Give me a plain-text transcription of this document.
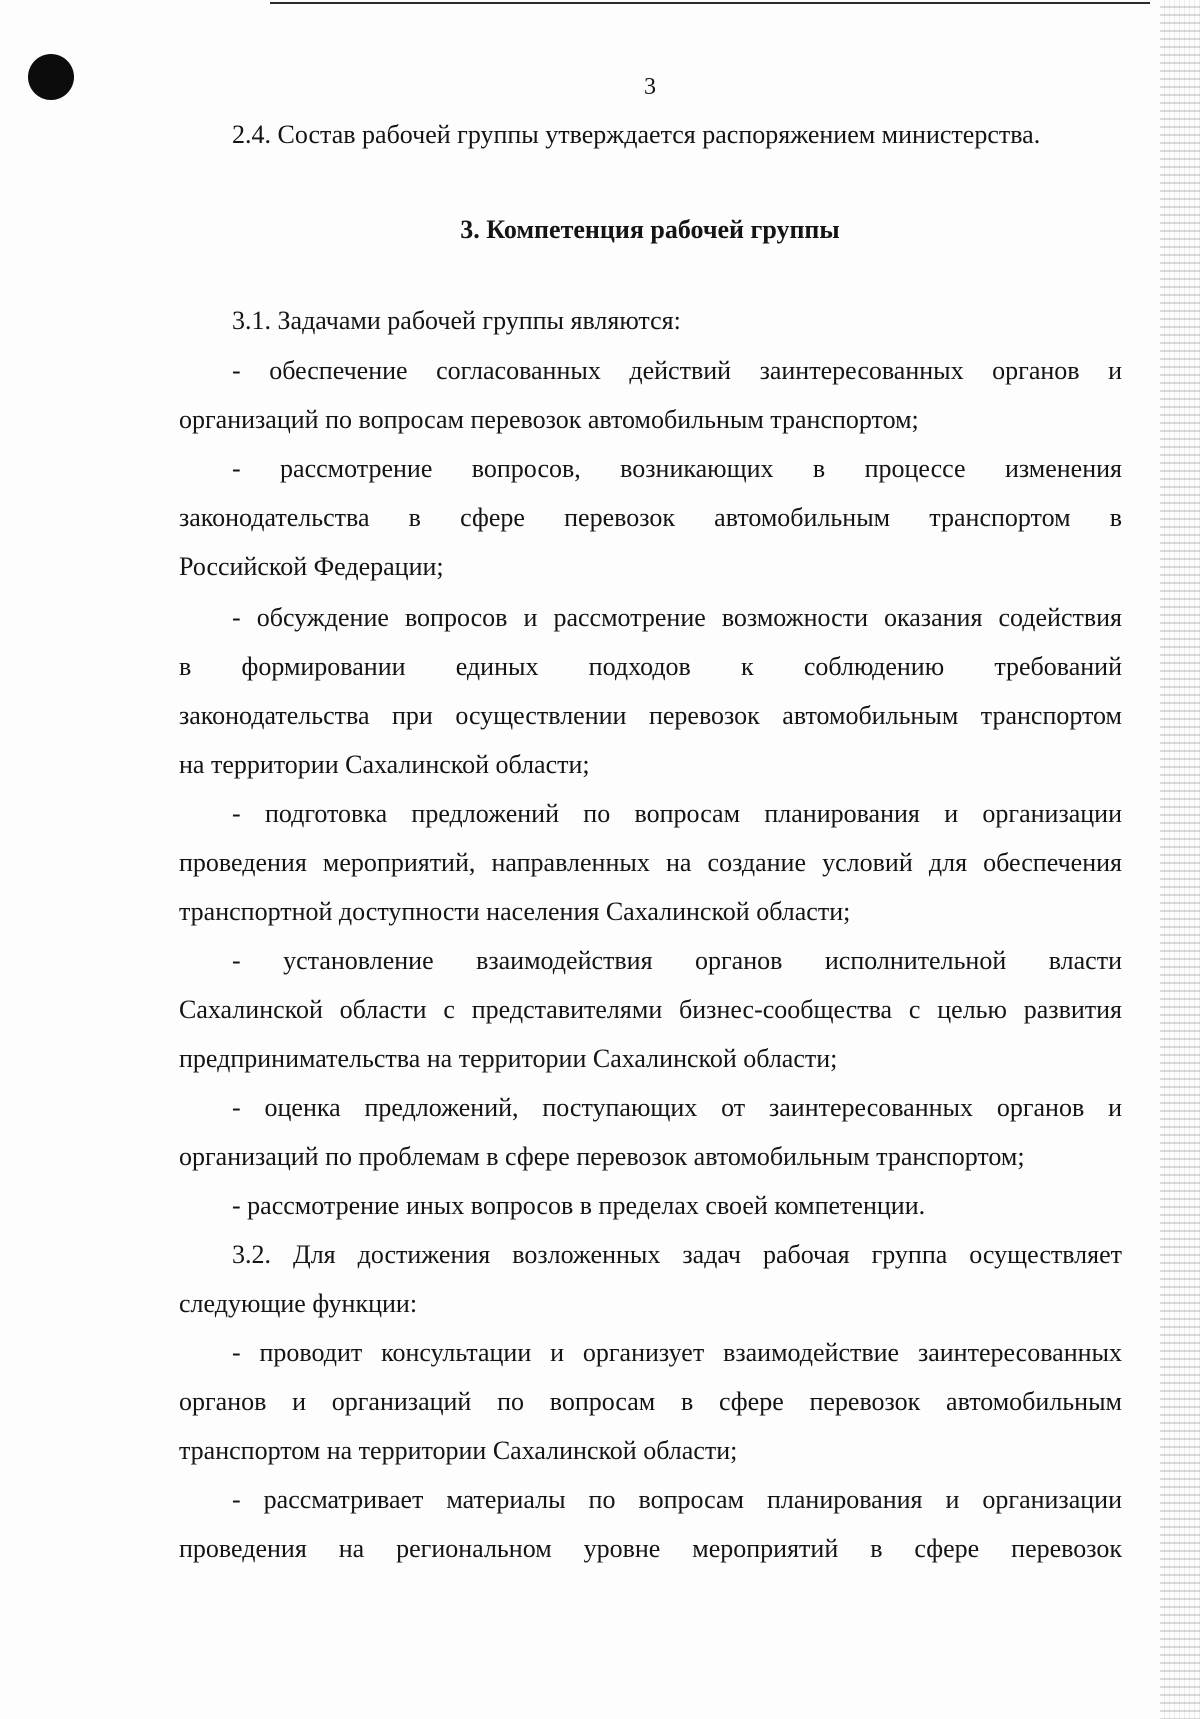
3
2.4. Состав рабочей группы утверждается распоряжением министерства.
3. Компетенция рабочей группы
3.1. Задачами рабочей группы являются:
- обеспечение согласованных действий заинтересованных органов и
организаций по вопросам перевозок автомобильным транспортом;
- рассмотрение вопросов, возникающих в процессе изменения
законодательства в сфере перевозок автомобильным транспортом в
Российской Федерации;
- обсуждение вопросов и рассмотрение возможности оказания содействия
в формировании единых подходов к соблюдению требований
законодательства при осуществлении перевозок автомобильным транспортом
на территории Сахалинской области;
- подготовка предложений по вопросам планирования и организации
проведения мероприятий, направленных на создание условий для обеспечения
транспортной доступности населения Сахалинской области;
- установление взаимодействия органов исполнительной власти
Сахалинской области с представителями бизнес-сообщества с целью развития
предпринимательства на территории Сахалинской области;
- оценка предложений, поступающих от заинтересованных органов и
организаций по проблемам в сфере перевозок автомобильным транспортом;
- рассмотрение иных вопросов в пределах своей компетенции.
3.2. Для достижения возложенных задач рабочая группа осуществляет
следующие функции:
- проводит консультации и организует взаимодействие заинтересованных
органов и организаций по вопросам в сфере перевозок автомобильным
транспортом на территории Сахалинской области;
- рассматривает материалы по вопросам планирования и организации
проведения на региональном уровне мероприятий в сфере перевозок
